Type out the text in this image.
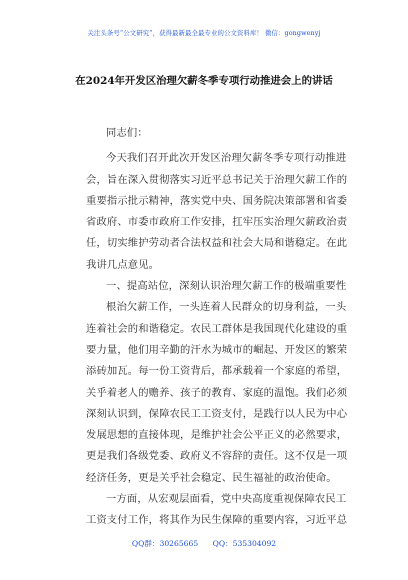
关注头条号“公文研究”，获得最新最全最专业的公文资料库！ 微信：gongwenyj
在2024年开发区治理欠薪冬季专项行动推进会上的讲话
同志们：
今天我们召开此次开发区治理欠薪冬季专项行动推进
会，旨在深入贯彻落实习近平总书记关于治理欠薪工作的
重要指示批示精神，落实党中央、国务院决策部署和省委
省政府、市委市政府工作安排，扛牢压实治理欠薪政治责
任，切实维护劳动者合法权益和社会大局和谐稳定。在此
我讲几点意见。
一、提高站位，深刻认识治理欠薪工作的极端重要性
根治欠薪工作，一头连着人民群众的切身利益，一头
连着社会的和谐稳定。农民工群体是我国现代化建设的重
要力量，他们用辛勤的汗水为城市的崛起、开发区的繁荣
添砖加瓦。每一份工资背后，都承载着一个家庭的希望，
关乎着老人的赡养、孩子的教育、家庭的温饱。我们必须
深刻认识到，保障农民工工资支付，是践行以人民为中心
发展思想的直接体现，是维护社会公平正义的必然要求，
更是我们各级党委、政府义不容辞的责任。这不仅是一项
经济任务，更是关乎社会稳定、民生福祉的政治使命。
一方面，从宏观层面看，党中央高度重视保障农民工
工资支付工作，将其作为民生保障的重要内容，习近平总
QQ群：30265665 QQ：535304092
